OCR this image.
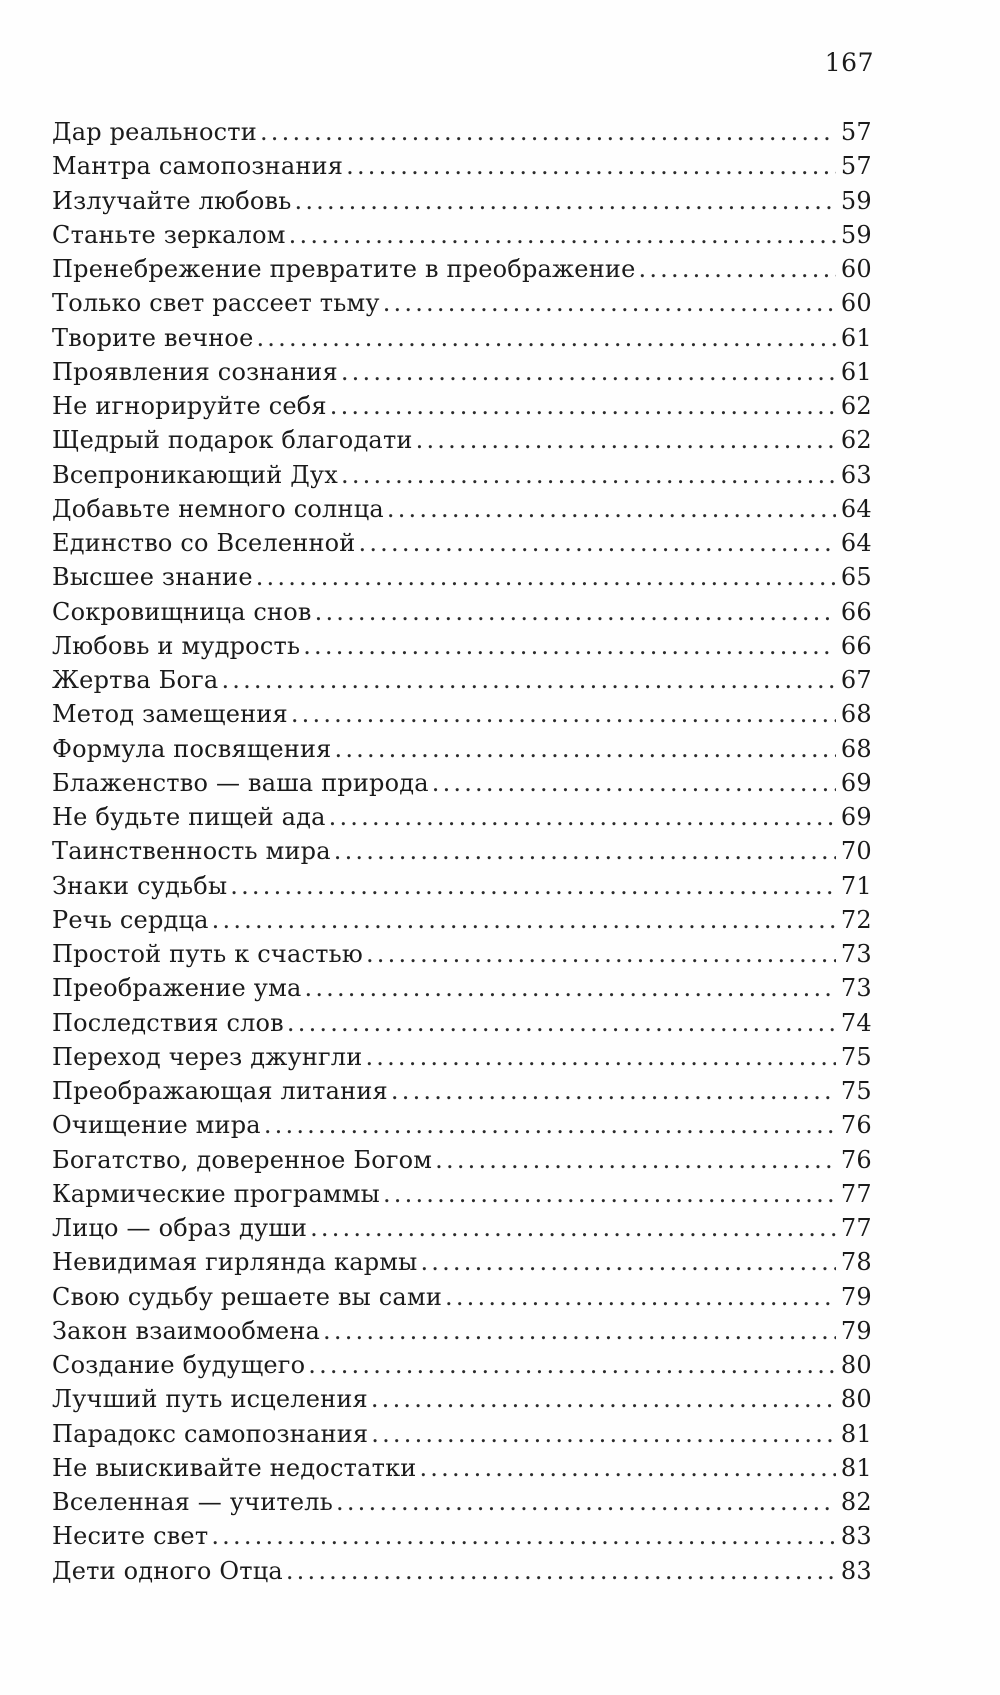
167
Дар реальности .....	57
Мантра самопознания .....	57
Излучайте любовь .....	59
Станьте зеркалом .....	59
Пренебрежение превратите в преображение .....	60
Только свет рассеет тьму .....	60
Творите вечное .....	61
Проявления сознания .....	61
Не игнорируйте себя .....	62
Щедрый подарок благодати .....	62
Всепроникающий Дух .....	63
Добавьте немного солнца .....	64
Единство со Вселенной .....	64
Высшее знание .....	65
Сокровищница снов .....	66
Любовь и мудрость .....	66
Жертва Бога .....	67
Метод замещения .....	68
Формула посвящения .....	68
Блаженство — ваша природа .....	69
Не будьте пищей ада .....	69
Таинственность мира .....	70
Знаки судьбы .....	71
Речь сердца .....	72
Простой путь к счастью .....	73
Преображение ума .....	73
Последствия слов .....	74
Переход через джунгли .....	75
Преображающая литания .....	75
Очищение мира .....	76
Богатство, доверенное Богом .....	76
Кармические программы .....	77
Лицо — образ души .....	77
Невидимая гирлянда кармы .....	78
Свою судьбу решаете вы сами .....	79
Закон взаимообмена .....	79
Создание будущего .....	80
Лучший путь исцеления .....	80
Парадокс самопознания .....	81
Не выискивайте недостатки .....	81
Вселенная — учитель .....	82
Несите свет .....	83
Дети одного Отца .....	83
